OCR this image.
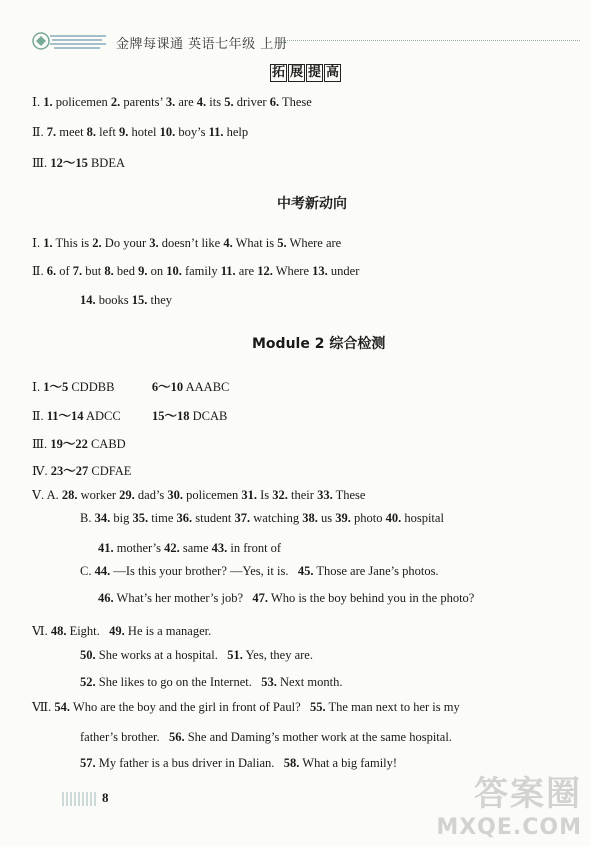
金牌每课通 英语七年级 上册
拓 展 提 高
Ⅰ. 1. policemen 2. parents’ 3. are 4. its 5. driver 6. These
Ⅱ. 7. meet 8. left 9. hotel 10. boy’s 11. help
Ⅲ. 12～15 BDEA
中考新动向
Ⅰ. 1. This is 2. Do your 3. doesn’t like 4. What is 5. Where are
Ⅱ. 6. of 7. but 8. bed 9. on 10. family 11. are 12. Where 13. under
14. books 15. they
Module 2 综合检测
Ⅰ. 1～5 CDDBB            6～10 AAABC
Ⅱ. 11～14 ADCC          15～18 DCAB
Ⅲ. 19～22 CABD
Ⅳ. 23～27 CDFAE
Ⅴ. A. 28. worker 29. dad’s 30. policemen 31. Is 32. their 33. These
B. 34. big 35. time 36. student 37. watching 38. us 39. photo 40. hospital
41. mother’s 42. same 43. in front of
C. 44. —Is this your brother? —Yes, it is.   45. Those are Jane’s photos.
46. What’s her mother’s job?   47. Who is the boy behind you in the photo?
Ⅵ. 48. Eight.   49. He is a manager.
50. She works at a hospital.   51. Yes, they are.
52. She likes to go on the Internet.   53. Next month.
Ⅶ. 54. Who are the boy and the girl in front of Paul?   55. The man next to her is my
father’s brother.   56. She and Daming’s mother work at the same hospital.
57. My father is a bus driver in Dalian.   58. What a big family!
8	答案圈
MXQE.COM
